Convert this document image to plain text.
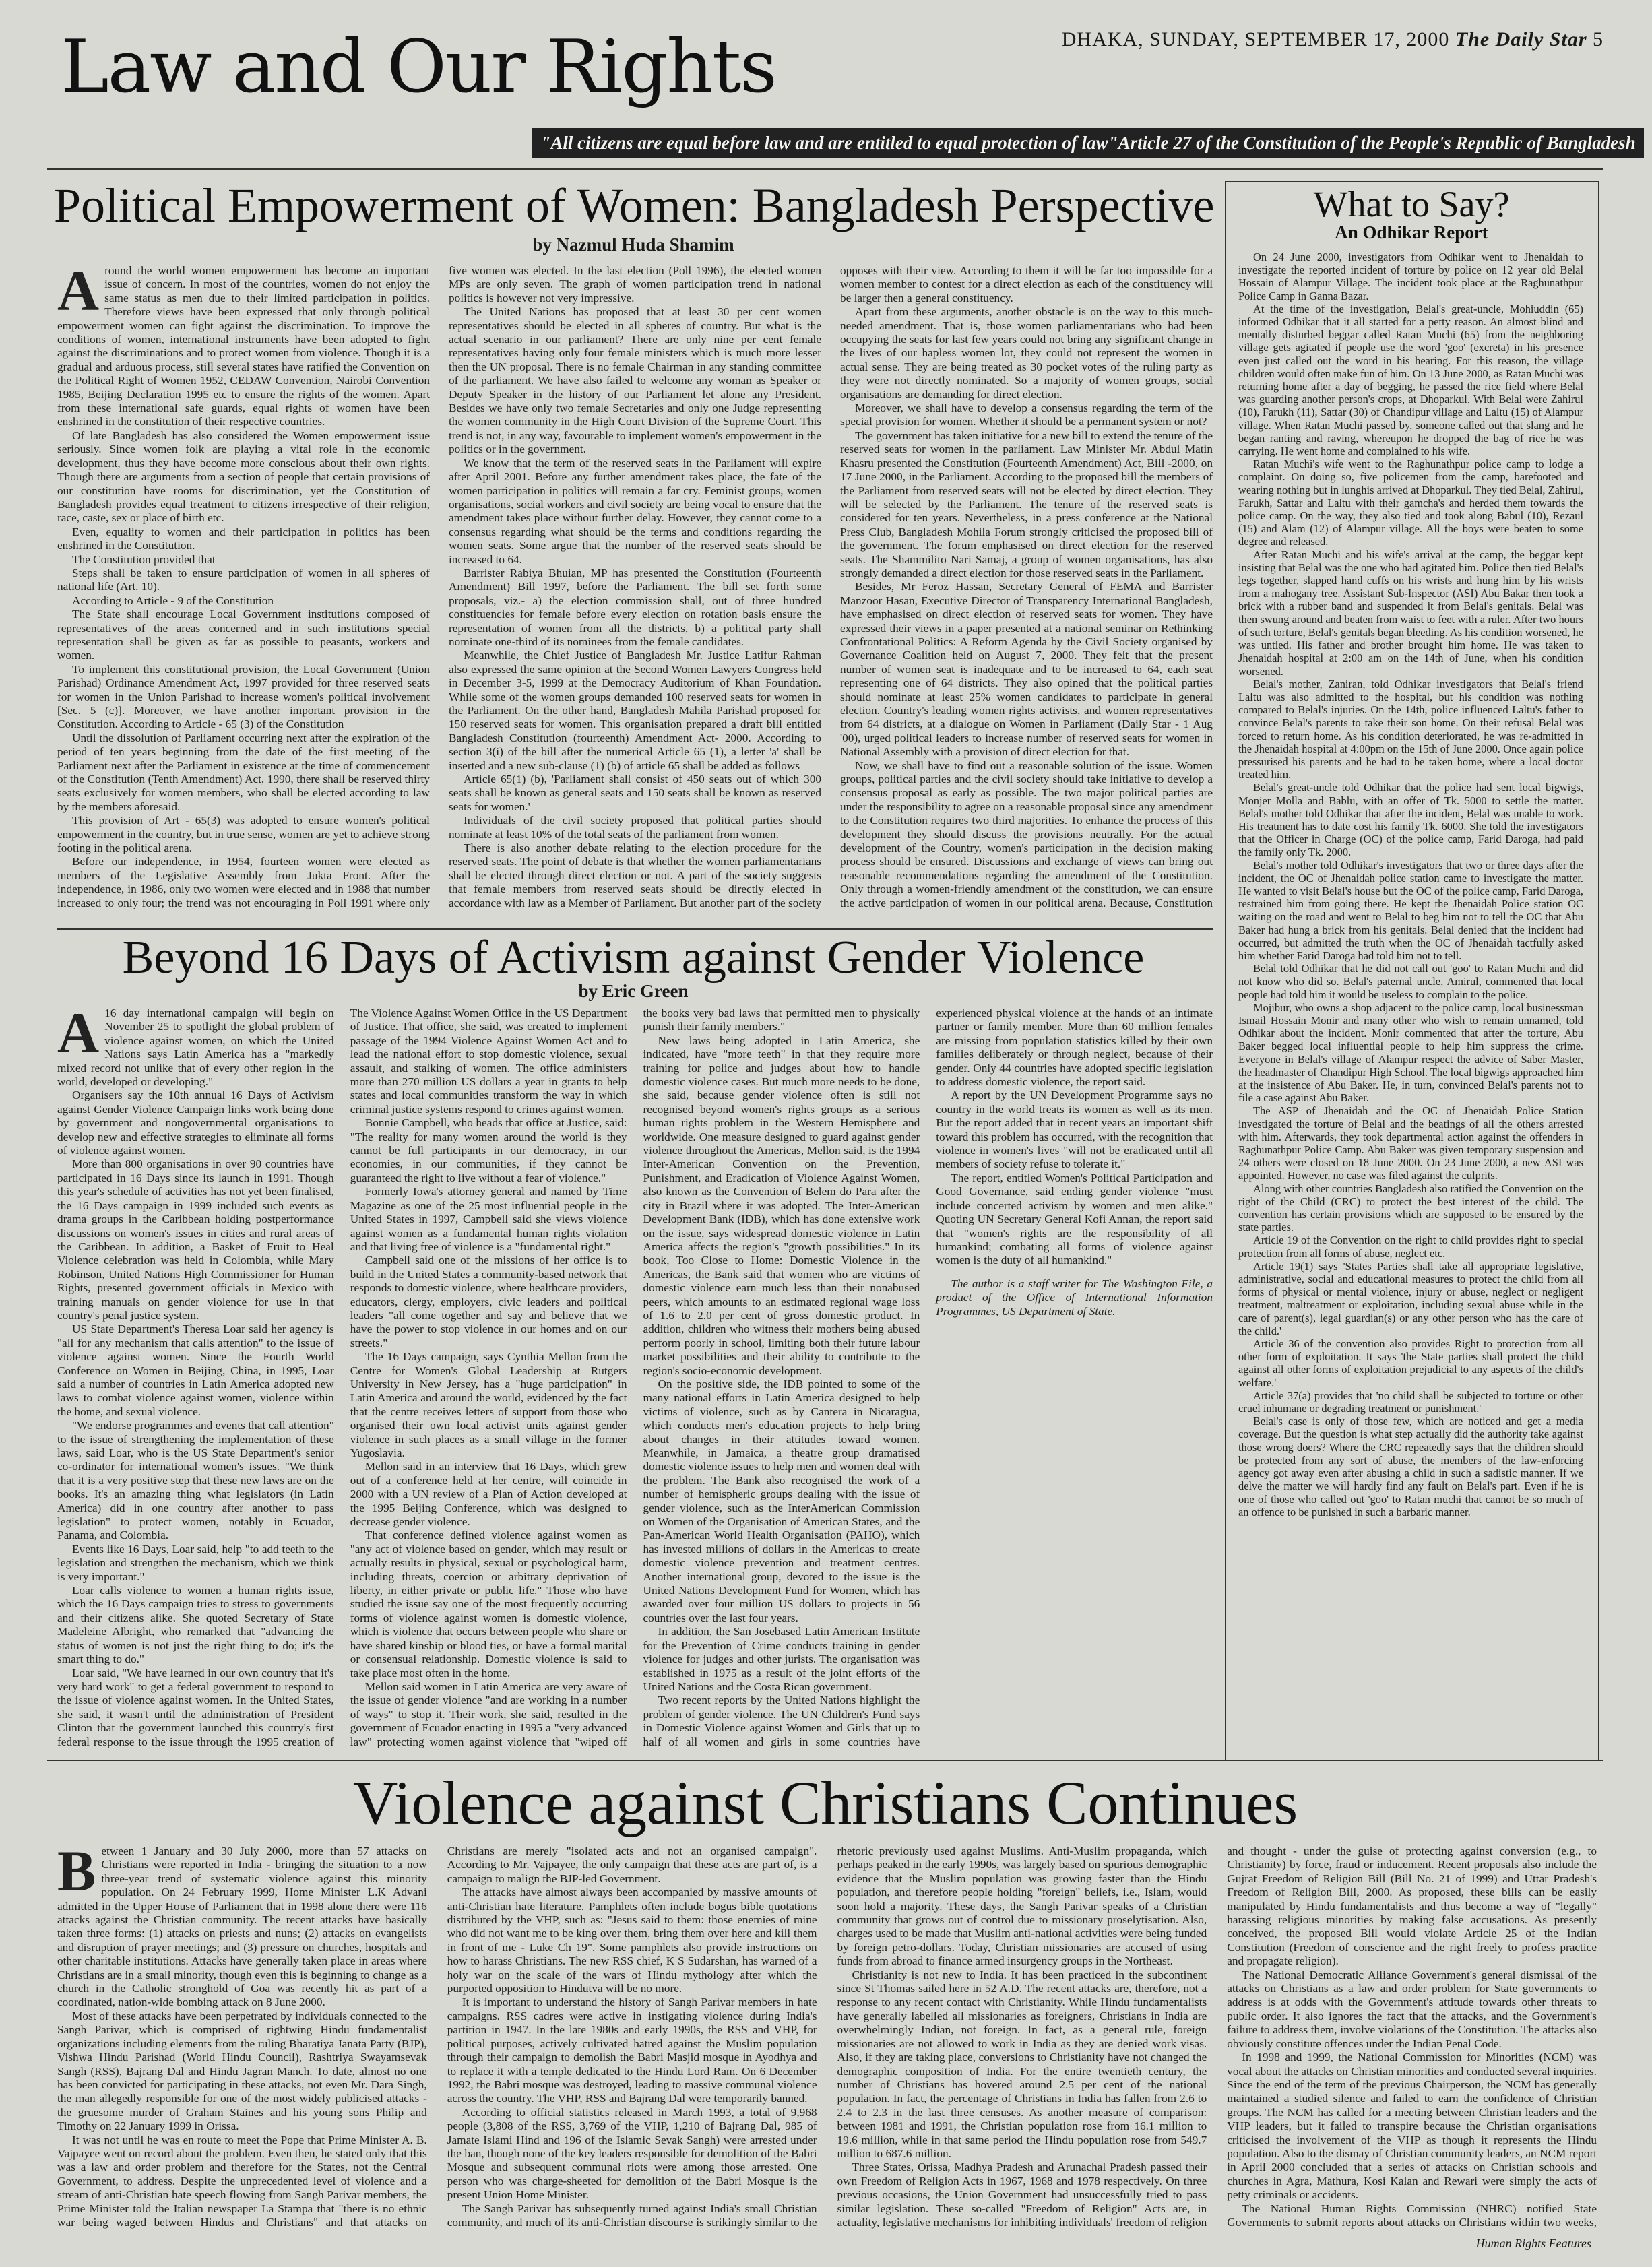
Law and Our Rights	DHAKA, SUNDAY, SEPTEMBER 17, 2000 The Daily Star 5
"All citizens are equal before law and are entitled to equal protection of law"Article 27 of the Constitution of the People's Republic of Bangladesh
Political Empowerment of Women: Bangladesh Perspective
by Nazmul Huda Shamim

Around the world women empowerment has become an important issue of concern. In most of the countries, women do not enjoy the same status as men due to their limited participation in politics. Therefore views have been expressed that only through political empowerment women can fight against the discrimination. To improve the conditions of women, international instruments have been adopted to fight against the discriminations and to protect women from violence. Though it is a gradual and arduous process, still several states have ratified the Convention on the Political Right of Women 1952, CEDAW Convention, Nairobi Convention 1985, Beijing Declaration 1995 etc to ensure the rights of the women. Apart from these international safe guards, equal rights of women have been enshrined in the constitution of their respective countries.

Of late Bangladesh has also considered the Women empowerment issue seriously. Since women folk are playing a vital role in the economic development, thus they have become more conscious about their own rights. Though there are arguments from a section of people that certain provisions of our constitution have rooms for discrimination, yet the Constitution of Bangladesh provides equal treatment to citizens irrespective of their religion, race, caste, sex or place of birth etc.

Even, equality to women and their participation in politics has been enshrined in the Constitution.

The Constitution provided that

Steps shall be taken to ensure participation of women in all spheres of national life (Art. 10).

According to Article - 9 of the Constitution

The State shall encourage Local Government institutions composed of representatives of the areas concerned and in such institutions special representation shall be given as far as possible to peasants, workers and women.

To implement this constitutional provision, the Local Government (Union Parishad) Ordinance Amendment Act, 1997 provided for three reserved seats for women in the Union Parishad to increase women's political involvement [Sec. 5 (c)]. Moreover, we have another important provision in the Constitution. According to Article - 65 (3) of the Constitution

Until the dissolution of Parliament occurring next after the expiration of the period of ten years beginning from the date of the first meeting of the Parliament next after the Parliament in existence at the time of commencement of the Constitution (Tenth Amendment) Act, 1990, there shall be reserved thirty seats exclusively for women members, who shall be elected according to law by the members aforesaid.

This provision of Art - 65(3) was adopted to ensure women's political empowerment in the country, but in true sense, women are yet to achieve strong footing in the political arena.

Before our independence, in 1954, fourteen women were elected as members of the Legislative Assembly from Jukta Front. After the independence, in 1986, only two women were elected and in 1988 that number increased to only four; the trend was not encouraging in Poll 1991 where only five women was elected. In the last election (Poll 1996), the elected women MPs are only seven. The graph of women participation trend in national politics is however not very impressive.

The United Nations has proposed that at least 30 per cent women representatives should be elected in all spheres of country. But what is the actual scenario in our parliament? There are only nine per cent female representatives having only four female ministers which is much more lesser then the UN proposal. There is no female Chairman in any standing committee of the parliament. We have also failed to welcome any woman as Speaker or Deputy Speaker in the history of our Parliament let alone any President. Besides we have only two female Secretaries and only one Judge representing the women community in the High Court Division of the Supreme Court. This trend is not, in any way, favourable to implement women's empowerment in the politics or in the government.

We know that the term of the reserved seats in the Parliament will expire after April 2001. Before any further amendment takes place, the fate of the women participation in politics will remain a far cry. Feminist groups, women organisations, social workers and civil society are being vocal to ensure that the amendment takes place without further delay. However, they cannot come to a consensus regarding what should be the terms and conditions regarding the women seats. Some argue that the number of the reserved seats should be increased to 64.

Barrister Rabiya Bhuian, MP has presented the Constitution (Fourteenth Amendment) Bill 1997, before the Parliament. The bill set forth some proposals, viz.- a) the election commission shall, out of three hundred constituencies for female before every election on rotation basis ensure the representation of women from all the districts, b) a political party shall nominate one-third of its nominees from the female candidates.

Meanwhile, the Chief Justice of Bangladesh Mr. Justice Latifur Rahman also expressed the same opinion at the Second Women Lawyers Congress held in December 3-5, 1999 at the Democracy Auditorium of Khan Foundation. While some of the women groups demanded 100 reserved seats for women in the Parliament. On the other hand, Bangladesh Mahila Parishad proposed for 150 reserved seats for women. This organisation prepared a draft bill entitled Bangladesh Constitution (fourteenth) Amendment Act- 2000. According to section 3(i) of the bill after the numerical Article 65 (1), a letter 'a' shall be inserted and a new sub-clause (1) (b) of article 65 shall be added as follows

Article 65(1) (b), 'Parliament shall consist of 450 seats out of which 300 seats shall be known as general seats and 150 seats shall be known as reserved seats for women.'

Individuals of the civil society proposed that political parties should nominate at least 10% of the total seats of the parliament from women.

There is also another debate relating to the election procedure for the reserved seats. The point of debate is that whether the women parliamentarians shall be elected through direct election or not. A part of the society suggests that female members from reserved seats should be directly elected in accordance with law as a Member of Parliament. But another part of the society opposes with their view. According to them it will be far too impossible for a women member to contest for a direct election as each of the constituency will be larger then a general constituency.

Apart from these arguments, another obstacle is on the way to this much-needed amendment. That is, those women parliamentarians who had been occupying the seats for last few years could not bring any significant change in the lives of our hapless women lot, they could not represent the women in actual sense. They are being treated as 30 pocket votes of the ruling party as they were not directly nominated. So a majority of women groups, social organisations are demanding for direct election.

Moreover, we shall have to develop a consensus regarding the term of the special provision for women. Whether it should be a permanent system or not?

The government has taken initiative for a new bill to extend the tenure of the reserved seats for women in the parliament. Law Minister Mr. Abdul Matin Khasru presented the Constitution (Fourteenth Amendment) Act, Bill -2000, on 17 June 2000, in the Parliament. According to the proposed bill the members of the Parliament from reserved seats will not be elected by direct election. They will be selected by the Parliament. The tenure of the reserved seats is considered for ten years. Nevertheless, in a press conference at the National Press Club, Bangladesh Mohila Forum strongly criticised the proposed bill of the government. The forum emphasised on direct election for the reserved seats. The Shammilito Nari Samaj, a group of women organisations, has also strongly demanded a direct election for those reserved seats in the Parliament.

Besides, Mr Feroz Hassan, Secretary General of FEMA and Barrister Manzoor Hasan, Executive Director of Transparency International Bangladesh, have emphasised on direct election of reserved seats for women. They have expressed their views in a paper presented at a national seminar on Rethinking Confrontational Politics: A Reform Agenda by the Civil Society organised by Governance Coalition held on August 7, 2000. They felt that the present number of women seat is inadequate and to be increased to 64, each seat representing one of 64 districts. They also opined that the political parties should nominate at least 25% women candidates to participate in general election. Country's leading women rights activists, and women representatives from 64 districts, at a dialogue on Women in Parliament (Daily Star - 1 Aug '00), urged political leaders to increase number of reserved seats for women in National Assembly with a provision of direct election for that.

Now, we shall have to find out a reasonable solution of the issue. Women groups, political parties and the civil society should take initiative to develop a consensus proposal as early as possible. The two major political parties are under the responsibility to agree on a reasonable proposal since any amendment to the Constitution requires two third majorities. To enhance the process of this development they should discuss the provisions neutrally. For the actual development of the Country, women's participation in the decision making process should be ensured. Discussions and exchange of views can bring out reasonable recommendations regarding the amendment of the Constitution. Only through a women-friendly amendment of the constitution, we can ensure the active participation of women in our political arena. Because, Constitution

What to Say?
An Odhikar Report

On 24 June 2000, investigators from Odhikar went to Jhenaidah to investigate the reported incident of torture by police on 12 year old Belal Hossain of Alampur Village. The incident took place at the Raghunathpur Police Camp in Ganna Bazar.

At the time of the investigation, Belal's great-uncle, Mohiuddin (65) informed Odhikar that it all started for a petty reason. An almost blind and mentally disturbed beggar called Ratan Muchi (65) from the neighboring village gets agitated if people use the word 'goo' (excreta) in his presence even just called out the word in his hearing. For this reason, the village children would often make fun of him. On 13 June 2000, as Ratan Muchi was returning home after a day of begging, he passed the rice field where Belal was guarding another person's crops, at Dhoparkul. With Belal were Zahirul (10), Farukh (11), Sattar (30) of Chandipur village and Laltu (15) of Alampur village. When Ratan Muchi passed by, someone called out that slang and he began ranting and raving, whereupon he dropped the bag of rice he was carrying. He went home and complained to his wife.

Ratan Muchi's wife went to the Raghunathpur police camp to lodge a complaint. On doing so, five policemen from the camp, barefooted and wearing nothing but in lunghis arrived at Dhoparkul. They tied Belal, Zahirul, Farukh, Sattar and Laltu with their gamcha's and herded them towards the police camp. On the way, they also tied and took along Babul (10), Rezaul (15) and Alam (12) of Alampur village. All the boys were beaten to some degree and released.

After Ratan Muchi and his wife's arrival at the camp, the beggar kept insisting that Belal was the one who had agitated him. Police then tied Belal's legs together, slapped hand cuffs on his wrists and hung him by his wrists from a mahogany tree. Assistant Sub-Inspector (ASI) Abu Bakar then took a brick with a rubber band and suspended it from Belal's genitals. Belal was then swung around and beaten from waist to feet with a ruler. After two hours of such torture, Belal's genitals began bleeding. As his condition worsened, he was untied. His father and brother brought him home. He was taken to Jhenaidah hospital at 2:00 am on the 14th of June, when his condition worsened.

Belal's mother, Zaniran, told Odhikar investigators that Belal's friend Laltu was also admitted to the hospital, but his condition was nothing compared to Belal's injuries. On the 14th, police influenced Laltu's father to convince Belal's parents to take their son home. On their refusal Belal was forced to return home. As his condition deteriorated, he was re-admitted in the Jhenaidah hospital at 4:00pm on the 15th of June 2000. Once again police pressurised his parents and he had to be taken home, where a local doctor treated him.

Belal's great-uncle told Odhikar that the police had sent local bigwigs, Monjer Molla and Bablu, with an offer of Tk. 5000 to settle the matter. Belal's mother told Odhikar that after the incident, Belal was unable to work. His treatment has to date cost his family Tk. 6000. She told the investigators that the Officer in Charge (OC) of the police camp, Farid Daroga, had paid the family only Tk. 2000.

Belal's mother told Odhikar's investigators that two or three days after the incident, the OC of Jhenaidah police station came to investigate the matter. He wanted to visit Belal's house but the OC of the police camp, Farid Daroga, restrained him from going there. He kept the Jhenaidah Police station OC waiting on the road and went to Belal to beg him not to tell the OC that Abu Baker had hung a brick from his genitals. Belal denied that the incident had occurred, but admitted the truth when the OC of Jhenaidah tactfully asked him whether Farid Daroga had told him not to tell.

Belal told Odhikar that he did not call out 'goo' to Ratan Muchi and did not know who did so. Belal's paternal uncle, Amirul, commented that local people had told him it would be useless to complain to the police.

Mojibur, who owns a shop adjacent to the police camp, local businessman Ismail Hossain Monir and many other who wish to remain unnamed, told Odhikar about the incident. Monir commented that after the torture, Abu Baker begged local influential people to help him suppress the crime. Everyone in Belal's village of Alampur respect the advice of Saber Master, the headmaster of Chandipur High School. The local bigwigs approached him at the insistence of Abu Baker. He, in turn, convinced Belal's parents not to file a case against Abu Baker.

The ASP of Jhenaidah and the OC of Jhenaidah Police Station investigated the torture of Belal and the beatings of all the others arrested with him. Afterwards, they took departmental action against the offenders in Raghunathpur Police Camp. Abu Baker was given temporary suspension and 24 others were closed on 18 June 2000. On 23 June 2000, a new ASI was appointed. However, no case was filed against the culprits.

Along with other countries Bangladesh also ratified the Convention on the right of the Child (CRC) to protect the best interest of the child. The convention has certain provisions which are supposed to be ensured by the state parties.

Article 19 of the Convention on the right to child provides right to special protection from all forms of abuse, neglect etc.

Article 19(1) says 'States Parties shall take all appropriate legislative, administrative, social and educational measures to protect the child from all forms of physical or mental violence, injury or abuse, neglect or negligent treatment, maltreatment or exploitation, including sexual abuse while in the care of parent(s), legal guardian(s) or any other person who has the care of the child.'

Article 36 of the convention also provides Right to protection from all other form of exploitation. It says 'the State parties shall protect the child against all other forms of exploitation prejudicial to any aspects of the child's welfare.'

Article 37(a) provides that 'no child shall be subjected to torture or other cruel inhumane or degrading treatment or punishment.'

Belal's case is only of those few, which are noticed and get a media coverage. But the question is what step actually did the authority take against those wrong doers? Where the CRC repeatedly says that the children should be protected from any sort of abuse, the members of the law-enforcing agency got away even after abusing a child in such a sadistic manner. If we delve the matter we will hardly find any fault on Belal's part. Even if he is one of those who called out 'goo' to Ratan muchi that cannot be so much of an offence to be punished in such a barbaric manner.

Beyond 16 Days of Activism against Gender Violence
by Eric Green

A 16 day international campaign will begin on November 25 to spotlight the global problem of violence against women, on which the United Nations says Latin America has a "markedly mixed record not unlike that of every other region in the world, developed or developing."

Organisers say the 10th annual 16 Days of Activism against Gender Violence Campaign links work being done by government and nongovernmental organisations to develop new and effective strategies to eliminate all forms of violence against women.

More than 800 organisations in over 90 countries have participated in 16 Days since its launch in 1991. Though this year's schedule of activities has not yet been finalised, the 16 Days campaign in 1999 included such events as drama groups in the Caribbean holding postperformance discussions on women's issues in cities and rural areas of the Caribbean. In addition, a Basket of Fruit to Heal Violence celebration was held in Colombia, while Mary Robinson, United Nations High Commissioner for Human Rights, presented government officials in Mexico with training manuals on gender violence for use in that country's penal justice system.

US State Department's Theresa Loar said her agency is "all for any mechanism that calls attention" to the issue of violence against women. Since the Fourth World Conference on Women in Beijing, China, in 1995, Loar said a number of countries in Latin America adopted new laws to combat violence against women, violence within the home, and sexual violence.

"We endorse programmes and events that call attention" to the issue of strengthening the implementation of these laws, said Loar, who is the US State Department's senior co-ordinator for international women's issues. "We think that it is a very positive step that these new laws are on the books. It's an amazing thing what legislators (in Latin America) did in one country after another to pass legislation" to protect women, notably in Ecuador, Panama, and Colombia.

Events like 16 Days, Loar said, help "to add teeth to the legislation and strengthen the mechanism, which we think is very important."

Loar calls violence to women a human rights issue, which the 16 Days campaign tries to stress to governments and their citizens alike. She quoted Secretary of State Madeleine Albright, who remarked that "advancing the status of women is not just the right thing to do; it's the smart thing to do."

Loar said, "We have learned in our own country that it's very hard work" to get a federal government to respond to the issue of violence against women. In the United States, she said, it wasn't until the administration of President Clinton that the government launched this country's first federal response to the issue through the 1995 creation of The Violence Against Women Office in the US Department of Justice. That office, she said, was created to implement passage of the 1994 Violence Against Women Act and to lead the national effort to stop domestic violence, sexual assault, and stalking of women. The office administers more than 270 million US dollars a year in grants to help states and local communities transform the way in which criminal justice systems respond to crimes against women.

Bonnie Campbell, who heads that office at Justice, said: "The reality for many women around the world is they cannot be full participants in our democracy, in our economies, in our communities, if they cannot be guaranteed the right to live without a fear of violence."

Formerly Iowa's attorney general and named by Time Magazine as one of the 25 most influential people in the United States in 1997, Campbell said she views violence against women as a fundamental human rights violation and that living free of violence is a "fundamental right."

Campbell said one of the missions of her office is to build in the United States a community-based network that responds to domestic violence, where healthcare providers, educators, clergy, employers, civic leaders and political leaders "all come together and say and believe that we have the power to stop violence in our homes and on our streets."

The 16 Days campaign, says Cynthia Mellon from the Centre for Women's Global Leadership at Rutgers University in New Jersey, has a "huge participation" in Latin America and around the world, evidenced by the fact that the centre receives letters of support from those who organised their own local activist units against gender violence in such places as a small village in the former Yugoslavia.

Mellon said in an interview that 16 Days, which grew out of a conference held at her centre, will coincide in 2000 with a UN review of a Plan of Action developed at the 1995 Beijing Conference, which was designed to decrease gender violence.

That conference defined violence against women as "any act of violence based on gender, which may result or actually results in physical, sexual or psychological harm, including threats, coercion or arbitrary deprivation of liberty, in either private or public life." Those who have studied the issue say one of the most frequently occurring forms of violence against women is domestic violence, which is violence that occurs between people who share or have shared kinship or blood ties, or have a formal marital or consensual relationship. Domestic violence is said to take place most often in the home.

Mellon said women in Latin America are very aware of the issue of gender violence "and are working in a number of ways" to stop it. Their work, she said, resulted in the government of Ecuador enacting in 1995 a "very advanced law" protecting women against violence that "wiped off the books very bad laws that permitted men to physically punish their family members."

New laws being adopted in Latin America, she indicated, have "more teeth" in that they require more training for police and judges about how to handle domestic violence cases. But much more needs to be done, she said, because gender violence often is still not recognised beyond women's rights groups as a serious human rights problem in the Western Hemisphere and worldwide. One measure designed to guard against gender violence throughout the Americas, Mellon said, is the 1994 Inter-American Convention on the Prevention, Punishment, and Eradication of Violence Against Women, also known as the Convention of Belem do Para after the city in Brazil where it was adopted. The Inter-American Development Bank (IDB), which has done extensive work on the issue, says widespread domestic violence in Latin America affects the region's "growth possibilities." In its book, Too Close to Home: Domestic Violence in the Americas, the Bank said that women who are victims of domestic violence earn much less than their nonabused peers, which amounts to an estimated regional wage loss of 1.6 to 2.0 per cent of gross domestic product. In addition, children who witness their mothers being abused perform poorly in school, limiting both their future labour market possibilities and their ability to contribute to the region's socio-economic development.

On the positive side, the IDB pointed to some of the many national efforts in Latin America designed to help victims of violence, such as by Cantera in Nicaragua, which conducts men's education projects to help bring about changes in their attitudes toward women. Meanwhile, in Jamaica, a theatre group dramatised domestic violence issues to help men and women deal with the problem. The Bank also recognised the work of a number of hemispheric groups dealing with the issue of gender violence, such as the InterAmerican Commission on Women of the Organisation of American States, and the Pan-American World Health Organisation (PAHO), which has invested millions of dollars in the Americas to create domestic violence prevention and treatment centres. Another international group, devoted to the issue is the United Nations Development Fund for Women, which has awarded over four million US dollars to projects in 56 countries over the last four years.

In addition, the San Josebased Latin American Institute for the Prevention of Crime conducts training in gender violence for judges and other jurists. The organisation was established in 1975 as a result of the joint efforts of the United Nations and the Costa Rican government.

Two recent reports by the United Nations highlight the problem of gender violence. The UN Children's Fund says in Domestic Violence against Women and Girls that up to half of all women and girls in some countries have experienced physical violence at the hands of an intimate partner or family member. More than 60 million females are missing from population statistics killed by their own families deliberately or through neglect, because of their gender. Only 44 countries have adopted specific legislation to address domestic violence, the report said.

A report by the UN Development Programme says no country in the world treats its women as well as its men. But the report added that in recent years an important shift toward this problem has occurred, with the recognition that violence in women's lives "will not be eradicated until all members of society refuse to tolerate it."

The report, entitled Women's Political Participation and Good Governance, said ending gender violence "must include concerted activism by women and men alike." Quoting UN Secretary General Kofi Annan, the report said that "women's rights are the responsibility of all humankind; combating all forms of violence against women is the duty of all humankind."

The author is a staff writer for The Washington File, a product of the Office of International Information Programmes, US Department of State.

Violence against Christians Continues

Between 1 January and 30 July 2000, more than 57 attacks on Christians were reported in India - bringing the situation to a now three-year trend of systematic violence against this minority population. On 24 February 1999, Home Minister L.K Advani admitted in the Upper House of Parliament that in 1998 alone there were 116 attacks against the Christian community. The recent attacks have basically taken three forms: (1) attacks on priests and nuns; (2) attacks on evangelists and disruption of prayer meetings; and (3) pressure on churches, hospitals and other charitable institutions. Attacks have generally taken place in areas where Christians are in a small minority, though even this is beginning to change as a church in the Catholic stronghold of Goa was recently hit as part of a coordinated, nation-wide bombing attack on 8 June 2000.

Most of these attacks have been perpetrated by individuals connected to the Sangh Parivar, which is comprised of rightwing Hindu fundamentalist organizations including elements from the ruling Bharatiya Janata Party (BJP), Vishwa Hindu Parishad (World Hindu Council), Rashtriya Swayamsevak Sangh (RSS), Bajrang Dal and Hindu Jagran Manch. To date, almost no one has been convicted for participating in these attacks, not even Mr. Dara Singh, the man allegedly responsible for one of the most widely publicised attacks - the gruesome murder of Graham Staines and his young sons Philip and Timothy on 22 January 1999 in Orissa.

It was not until he was en route to meet the Pope that Prime Minister A. B. Vajpayee went on record about the problem. Even then, he stated only that this was a law and order problem and therefore for the States, not the Central Government, to address. Despite the unprecedented level of violence and a stream of anti-Christian hate speech flowing from Sangh Parivar members, the Prime Minister told the Italian newspaper La Stampa that "there is no ethnic war being waged between Hindus and Christians" and that attacks on Christians are merely "isolated acts and not an organised campaign". According to Mr. Vajpayee, the only campaign that these acts are part of, is a campaign to malign the BJP-led Government.

The attacks have almost always been accompanied by massive amounts of anti-Christian hate literature. Pamphlets often include bogus bible quotations distributed by the VHP, such as: "Jesus said to them: those enemies of mine who did not want me to be king over them, bring them over here and kill them in front of me - Luke Ch 19". Some pamphlets also provide instructions on how to harass Christians. The new RSS chief, K S Sudarshan, has warned of a holy war on the scale of the wars of Hindu mythology after which the purported opposition to Hindutva will be no more.

It is important to understand the history of Sangh Parivar members in hate campaigns. RSS cadres were active in instigating violence during India's partition in 1947. In the late 1980s and early 1990s, the RSS and VHP, for political purposes, actively cultivated hatred against the Muslim population through their campaign to demolish the Babri Masjid mosque in Ayodhya and to replace it with a temple dedicated to the Hindu Lord Ram. On 6 December 1992, the Babri mosque was destroyed, leading to massive communal violence across the country. The VHP, RSS and Bajrang Dal were temporarily banned.

According to official statistics released in March 1993, a total of 9,968 people (3,808 of the RSS, 3,769 of the VHP, 1,210 of Bajrang Dal, 985 of Jamate Islami Hind and 196 of the Islamic Sevak Sangh) were arrested under the ban, though none of the key leaders responsible for demolition of the Babri Mosque and subsequent communal riots were among those arrested. One person who was charge-sheeted for demolition of the Babri Mosque is the present Union Home Minister.

The Sangh Parivar has subsequently turned against India's small Christian community, and much of its anti-Christian discourse is strikingly similar to the rhetoric previously used against Muslims. Anti-Muslim propaganda, which perhaps peaked in the early 1990s, was largely based on spurious demographic evidence that the Muslim population was growing faster than the Hindu population, and therefore people holding "foreign" beliefs, i.e., Islam, would soon hold a majority. These days, the Sangh Parivar speaks of a Christian community that grows out of control due to missionary proselytisation. Also, charges used to be made that Muslim anti-national activities were being funded by foreign petro-dollars. Today, Christian missionaries are accused of using funds from abroad to finance armed insurgency groups in the Northeast.

Christianity is not new to India. It has been practiced in the subcontinent since St Thomas sailed here in 52 A.D. The recent attacks are, therefore, not a response to any recent contact with Christianity. While Hindu fundamentalists have generally labelled all missionaries as foreigners, Christians in India are overwhelmingly Indian, not foreign. In fact, as a general rule, foreign missionaries are not allowed to work in India as they are denied work visas. Also, if they are taking place, conversions to Christianity have not changed the demographic composition of India. For the entire twentieth century, the number of Christians has hovered around 2.5 per cent of the national population. In fact, the percentage of Christians in India has fallen from 2.6 to 2.4 to 2.3 in the last three censuses. As another measure of comparison: between 1981 and 1991, the Christian population rose from 16.1 million to 19.6 million, while in that same period the Hindu population rose from 549.7 million to 687.6 million.

Three States, Orissa, Madhya Pradesh and Arunachal Pradesh passed their own Freedom of Religion Acts in 1967, 1968 and 1978 respectively. On three previous occasions, the Union Government had unsuccessfully tried to pass similar legislation. These so-called "Freedom of Religion" Acts are, in actuality, legislative mechanisms for inhibiting individuals' freedom of religion and thought - under the guise of protecting against conversion (e.g., to Christianity) by force, fraud or inducement. Recent proposals also include the Gujrat Freedom of Religion Bill (Bill No. 21 of 1999) and Uttar Pradesh's Freedom of Religion Bill, 2000. As proposed, these bills can be easily manipulated by Hindu fundamentalists and thus become a way of "legally" harassing religious minorities by making false accusations. As presently conceived, the proposed Bill would violate Article 25 of the Indian Constitution (Freedom of conscience and the right freely to profess practice and propagate religion).

The National Democratic Alliance Government's general dismissal of the attacks on Christians as a law and order problem for State governments to address is at odds with the Government's attitude towards other threats to public order. It also ignores the fact that the attacks, and the Government's failure to address them, involve violations of the Constitution. The attacks also obviously constitute offences under the Indian Penal Code.

In 1998 and 1999, the National Commission for Minorities (NCM) was vocal about the attacks on Christian minorities and conducted several inquiries. Since the end of the term of the previous Chairperson, the NCM has generally maintained a studied silence and failed to earn the confidence of Christian groups. The NCM has called for a meeting between Christian leaders and the VHP leaders, but it failed to transpire because the Christian organisations criticised the involvement of the VHP as though it represents the Hindu population. Also to the dismay of Christian community leaders, an NCM report in April 2000 concluded that a series of attacks on Christian schools and churches in Agra, Mathura, Kosi Kalan and Rewari were simply the acts of petty criminals or accidents.

The National Human Rights Commission (NHRC) notified State Governments to submit reports about attacks on Christians within two weeks,

Human Rights Features
